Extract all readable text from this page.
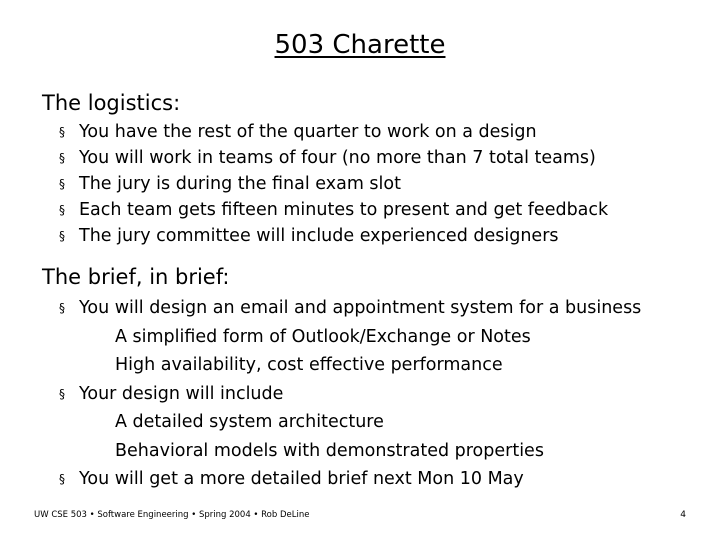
503 Charette
The logistics:
§ You have the rest of the quarter to work on a design
§ You will work in teams of four (no more than 7 total teams)
§ The jury is during the final exam slot
§ Each team gets fifteen minutes to present and get feedback
§ The jury committee will include experienced designers
The brief, in brief:
§ You will design an email and appointment system for a business
A simplified form of Outlook/Exchange or Notes
High availability, cost effective performance
§ Your design will include
A detailed system architecture
Behavioral models with demonstrated properties
§ You will get a more detailed brief next Mon 10 May
UW CSE 503 • Software Engineering • Spring 2004 • Rob DeLine	4
